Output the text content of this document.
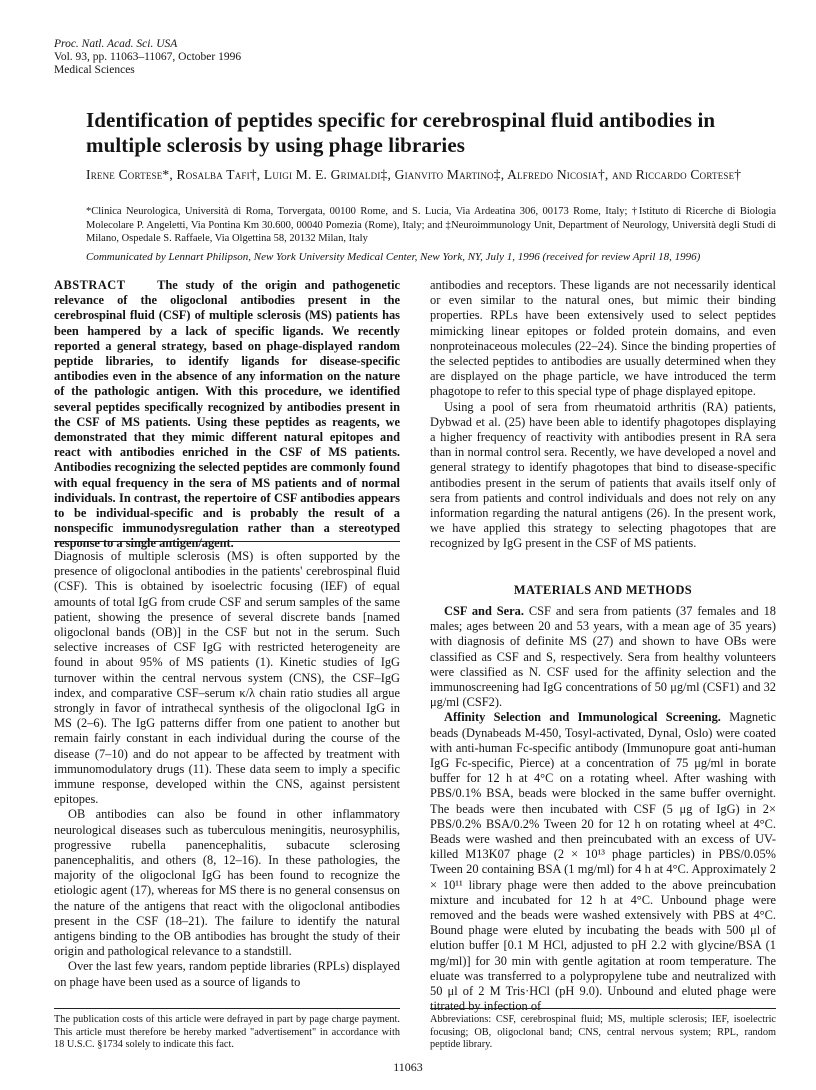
Proc. Natl. Acad. Sci. USA
Vol. 93, pp. 11063–11067, October 1996
Medical Sciences
Identification of peptides specific for cerebrospinal fluid antibodies in multiple sclerosis by using phage libraries
Irene Cortese*, Rosalba Tafi†, Luigi M. E. Grimaldi‡, Gianvito Martino‡, Alfredo Nicosia†, and Riccardo Cortese†
*Clinica Neurologica, Università di Roma, Torvergata, 00100 Rome, and S. Lucia, Via Ardeatina 306, 00173 Rome, Italy; †Istituto di Ricerche di Biologia Molecolare P. Angeletti, Via Pontina Km 30.600, 00040 Pomezia (Rome), Italy; and ‡Neuroimmunology Unit, Department of Neurology, Università degli Studi di Milano, Ospedale S. Raffaele, Via Olgettina 58, 20132 Milan, Italy
Communicated by Lennart Philipson, New York University Medical Center, New York, NY, July 1, 1996 (received for review April 18, 1996)
ABSTRACT	The study of the origin and pathogenetic relevance of the oligoclonal antibodies present in the cerebrospinal fluid (CSF) of multiple sclerosis (MS) patients has been hampered by a lack of specific ligands. We recently reported a general strategy, based on phage-displayed random peptide libraries, to identify ligands for disease-specific antibodies even in the absence of any information on the nature of the pathologic antigen. With this procedure, we identified several peptides specifically recognized by antibodies present in the CSF of MS patients. Using these peptides as reagents, we demonstrated that they mimic different natural epitopes and react with antibodies enriched in the CSF of MS patients. Antibodies recognizing the selected peptides are commonly found with equal frequency in the sera of MS patients and of normal individuals. In contrast, the repertoire of CSF antibodies appears to be individual-specific and is probably the result of a nonspecific immunodysregulation rather than a stereotyped response to a single antigen/agent.

Diagnosis of multiple sclerosis (MS) is often supported by the presence of oligoclonal antibodies in the patients' cerebrospinal fluid (CSF). This is obtained by isoelectric focusing (IEF) of equal amounts of total IgG from crude CSF and serum samples of the same patient, showing the presence of several discrete bands [named oligoclonal bands (OB)] in the CSF but not in the serum. Such selective increases of CSF IgG with restricted heterogeneity are found in about 95% of MS patients (1). Kinetic studies of IgG turnover within the central nervous system (CNS), the CSF–IgG index, and comparative CSF–serum κ/λ chain ratio studies all argue strongly in favor of intrathecal synthesis of the oligoclonal IgG in MS (2–6). The IgG patterns differ from one patient to another but remain fairly constant in each individual during the course of the disease (7–10) and do not appear to be affected by treatment with immunomodulatory drugs (11). These data seem to imply a specific immune response, developed within the CNS, against persistent epitopes.

OB antibodies can also be found in other inflammatory neurological diseases such as tuberculous meningitis, neurosyphilis, progressive rubella panencephalitis, subacute sclerosing panencephalitis, and others (8, 12–16). In these pathologies, the majority of the oligoclonal IgG has been found to recognize the etiologic agent (17), whereas for MS there is no general consensus on the nature of the antigens that react with the oligoclonal antibodies present in the CSF (18–21). The failure to identify the natural antigens binding to the OB antibodies has brought the study of their origin and pathological relevance to a standstill.

Over the last few years, random peptide libraries (RPLs) displayed on phage have been used as a source of ligands to

antibodies and receptors. These ligands are not necessarily identical or even similar to the natural ones, but mimic their binding properties. RPLs have been extensively used to select peptides mimicking linear epitopes or folded protein domains, and even nonproteinaceous molecules (22–24). Since the binding properties of the selected peptides to antibodies are usually determined when they are displayed on the phage particle, we have introduced the term phagotope to refer to this special type of phage displayed epitope.

Using a pool of sera from rheumatoid arthritis (RA) patients, Dybwad et al. (25) have been able to identify phagotopes displaying a higher frequency of reactivity with antibodies present in RA sera than in normal control sera. Recently, we have developed a novel and general strategy to identify phagotopes that bind to disease-specific antibodies present in the serum of patients that avails itself only of sera from patients and control individuals and does not rely on any information regarding the natural antigens (26). In the present work, we have applied this strategy to selecting phagotopes that are recognized by IgG present in the CSF of MS patients.

MATERIALS AND METHODS

CSF and Sera. CSF and sera from patients (37 females and 18 males; ages between 20 and 53 years, with a mean age of 35 years) with diagnosis of definite MS (27) and shown to have OBs were classified as CSF and S, respectively. Sera from healthy volunteers were classified as N. CSF used for the affinity selection and the immunoscreening had IgG concentrations of 50 μg/ml (CSF1) and 32 μg/ml (CSF2).

Affinity Selection and Immunological Screening. Magnetic beads (Dynabeads M-450, Tosyl-activated, Dynal, Oslo) were coated with anti-human Fc-specific antibody (Immunopure goat anti-human IgG Fc-specific, Pierce) at a concentration of 75 μg/ml in borate buffer for 12 h at 4°C on a rotating wheel. After washing with PBS/0.1% BSA, beads were blocked in the same buffer overnight. The beads were then incubated with CSF (5 μg of IgG) in 2× PBS/0.2% BSA/0.2% Tween 20 for 12 h on rotating wheel at 4°C. Beads were washed and then preincubated with an excess of UV-killed M13K07 phage (2 × 10¹³ phage particles) in PBS/0.05% Tween 20 containing BSA (1 mg/ml) for 4 h at 4°C. Approximately 2 × 10¹¹ library phage were then added to the above preincubation mixture and incubated for 12 h at 4°C. Unbound phage were removed and the beads were washed extensively with PBS at 4°C. Bound phage were eluted by incubating the beads with 500 μl of elution buffer [0.1 M HCl, adjusted to pH 2.2 with glycine/BSA (1 mg/ml)] for 30 min with gentle agitation at room temperature. The eluate was transferred to a polypropylene tube and neutralized with 50 μl of 2 M Tris·HCl (pH 9.0). Unbound and eluted phage were titrated by infection of

The publication costs of this article were defrayed in part by page charge payment. This article must therefore be hereby marked "advertisement" in accordance with 18 U.S.C. §1734 solely to indicate this fact.
Abbreviations: CSF, cerebrospinal fluid; MS, multiple sclerosis; IEF, isoelectric focusing; OB, oligoclonal band; CNS, central nervous system; RPL, random peptide library.
11063
